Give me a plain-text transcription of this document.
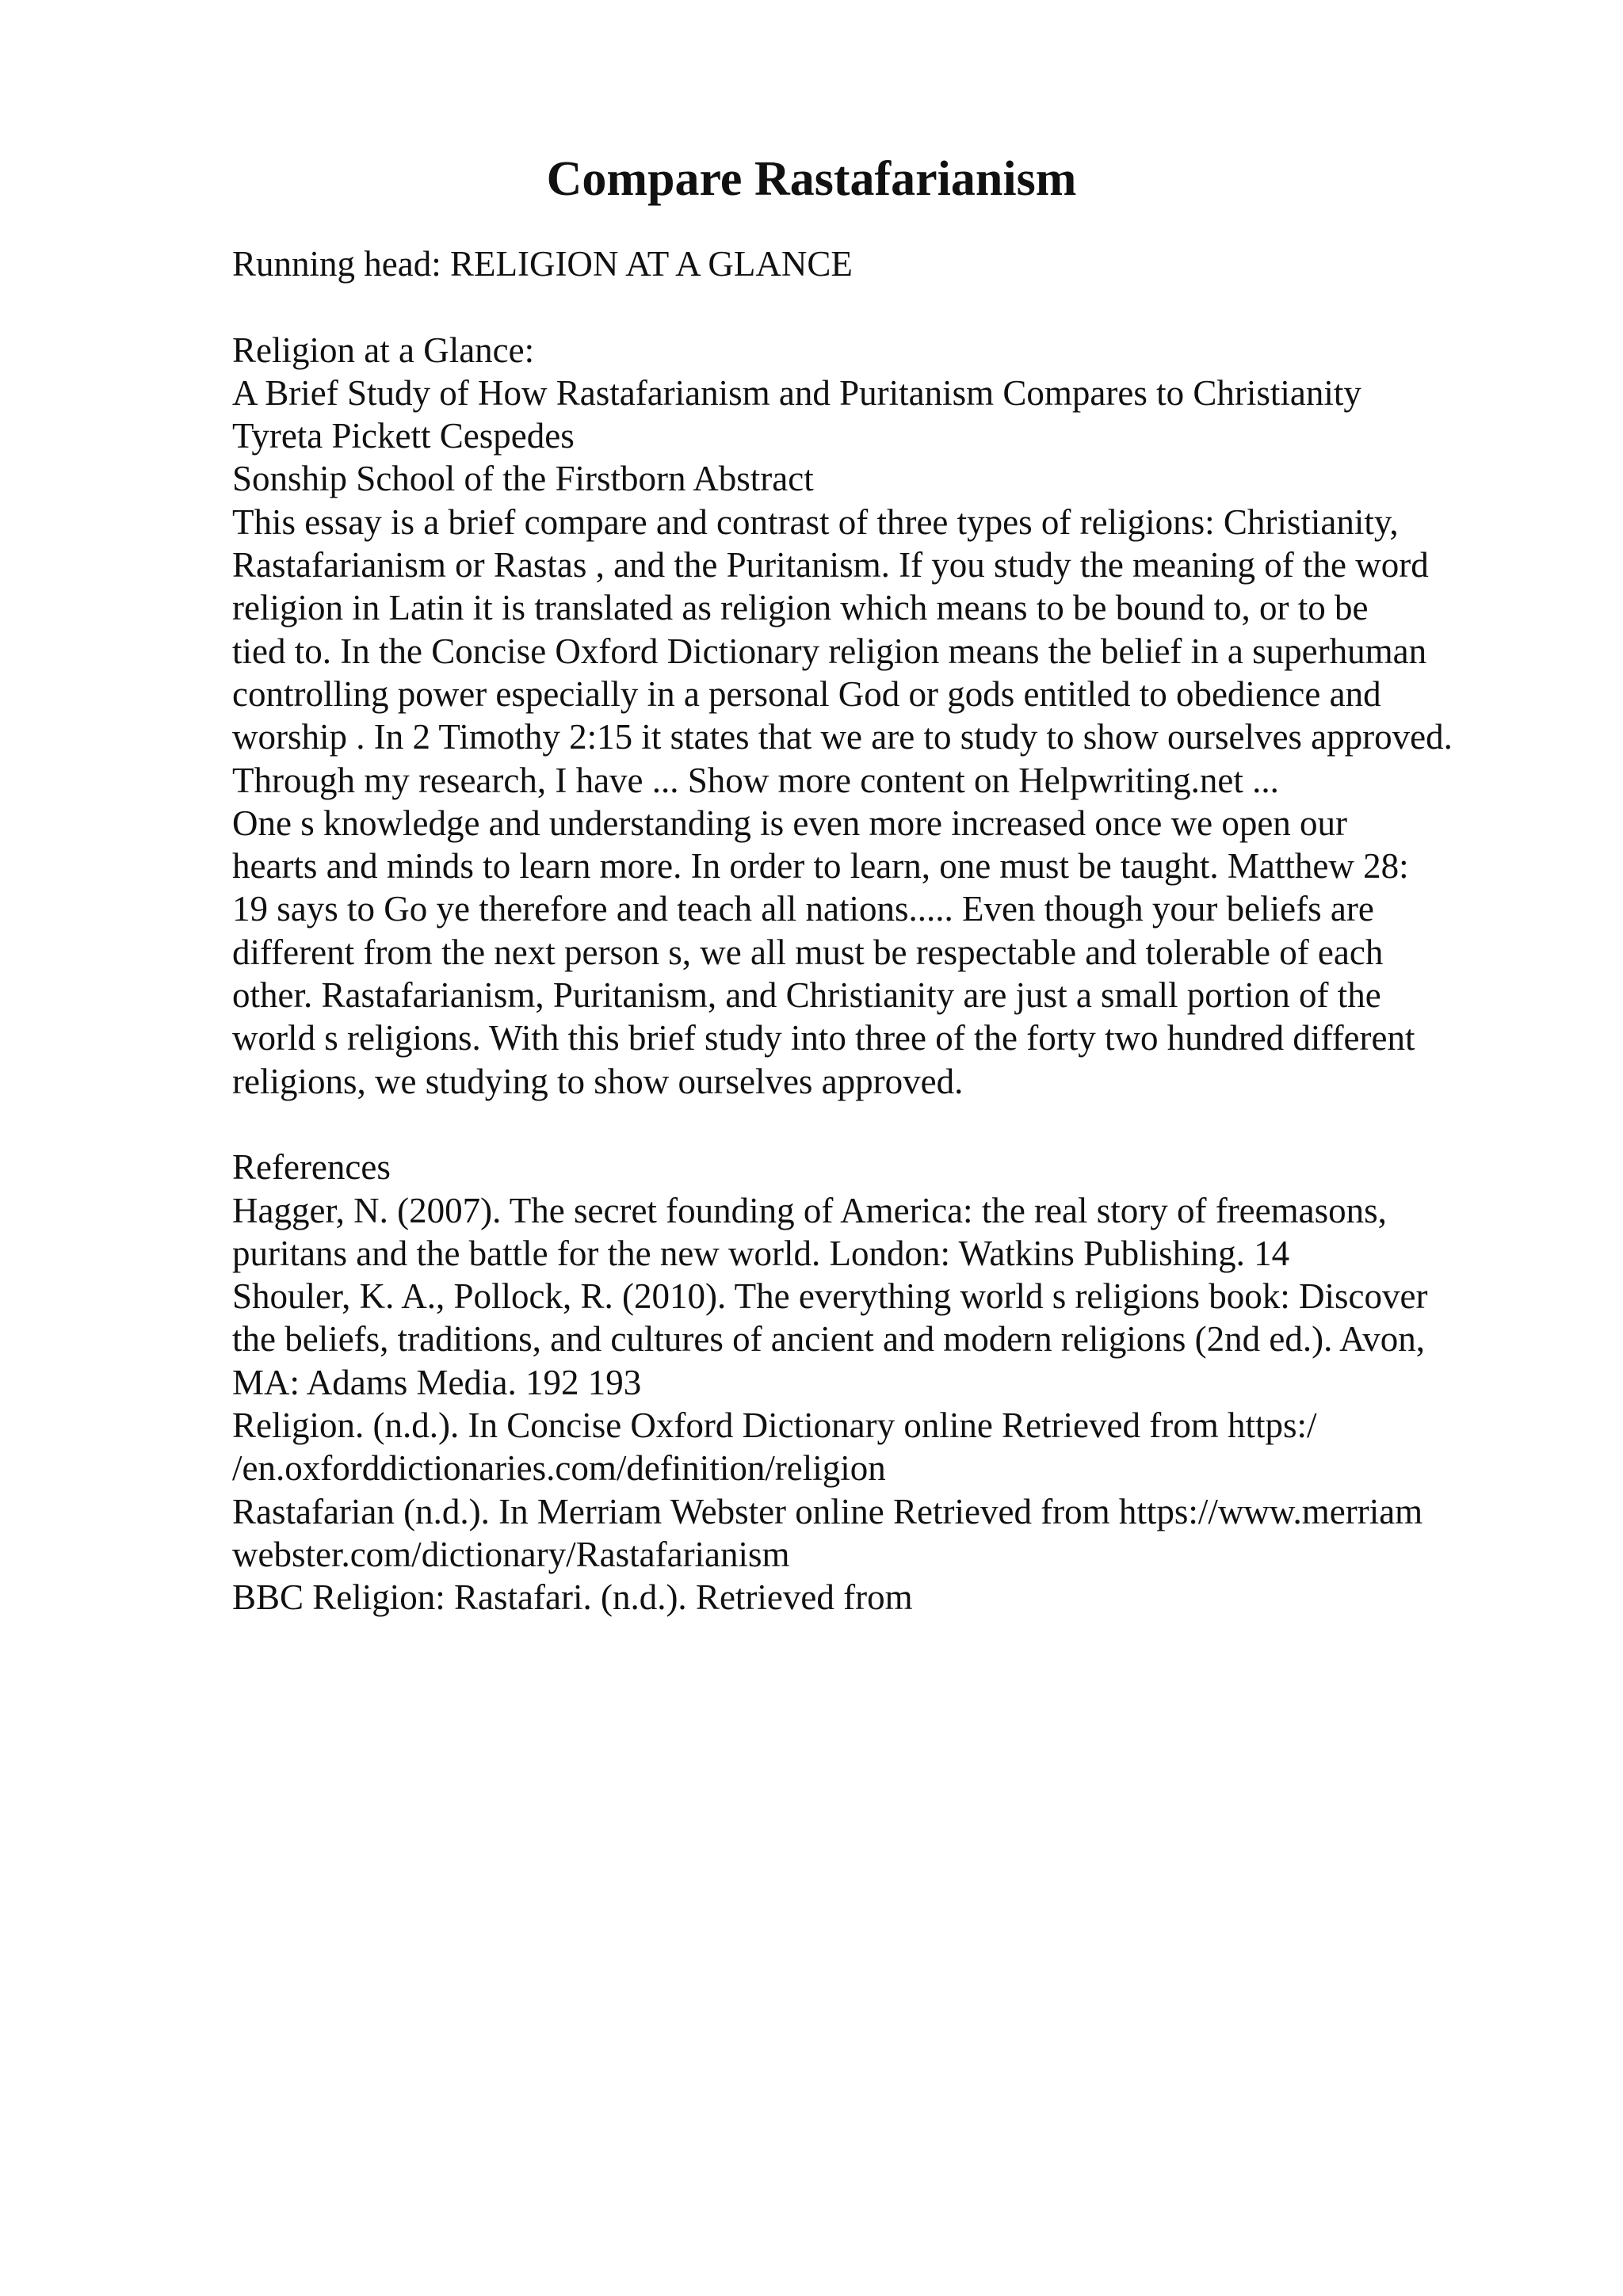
Compare Rastafarianism
Running head: RELIGION AT A GLANCE
Religion at a Glance:
A Brief Study of How Rastafarianism and Puritanism Compares to Christianity
Tyreta Pickett Cespedes
Sonship School of the Firstborn Abstract
This essay is a brief compare and contrast of three types of religions: Christianity,
Rastafarianism or Rastas , and the Puritanism. If you study the meaning of the word
religion in Latin it is translated as religion which means to be bound to, or to be
tied to. In the Concise Oxford Dictionary religion means the belief in a superhuman
controlling power especially in a personal God or gods entitled to obedience and
worship . In 2 Timothy 2:15 it states that we are to study to show ourselves approved.
Through my research, I have ... Show more content on Helpwriting.net ...
One s knowledge and understanding is even more increased once we open our
hearts and minds to learn more. In order to learn, one must be taught. Matthew 28:
19 says to Go ye therefore and teach all nations..... Even though your beliefs are
different from the next person s, we all must be respectable and tolerable of each
other. Rastafarianism, Puritanism, and Christianity are just a small portion of the
world s religions. With this brief study into three of the forty two hundred different
religions, we studying to show ourselves approved.
References
Hagger, N. (2007). The secret founding of America: the real story of freemasons,
puritans and the battle for the new world. London: Watkins Publishing. 14
Shouler, K. A., Pollock, R. (2010). The everything world s religions book: Discover
the beliefs, traditions, and cultures of ancient and modern religions (2nd ed.). Avon,
MA: Adams Media. 192 193
Religion. (n.d.). In Concise Oxford Dictionary online Retrieved from https:/
/en.oxforddictionaries.com/definition/religion
Rastafarian (n.d.). In Merriam Webster online Retrieved from https://www.merriam
webster.com/dictionary/Rastafarianism
BBC Religion: Rastafari. (n.d.). Retrieved from
